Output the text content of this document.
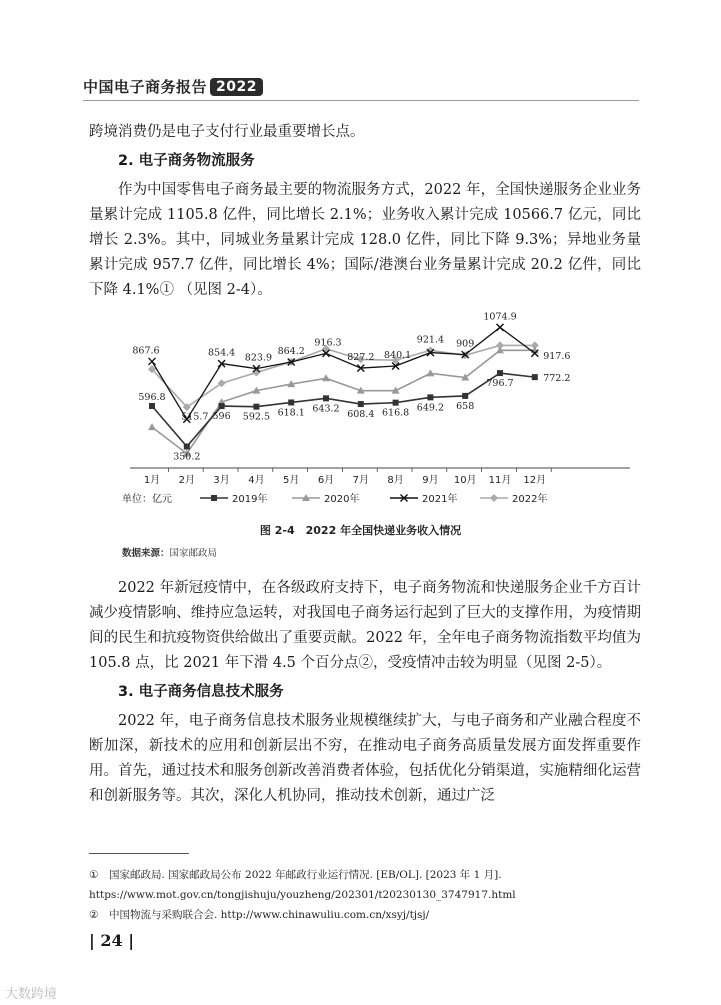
中国电子商务报告 2022

跨境消费仍是电子支付行业最重要增长点。

2. 电子商务物流服务

作为中国零售电子商务最主要的物流服务方式，2022 年，全国快递服务企业业务量累计完成 1105.8 亿件，同比增长 2.1%；业务收入累计完成 10566.7 亿元，同比增长 2.3%。其中，同城业务量累计完成 128.0 亿件，同比下降 9.3%；异地业务量累计完成 957.7 亿件，同比增长 4%；国际/港澳台业务量累计完成 20.2 亿件，同比下降 4.1%① （见图 2-4）。

1月 2月 3月 4月 5月 6月 7月 8月 9月 10月 11月 12月
596.8
350.2
596 592.5 618.1 643.2
608.4 616.8 649.2 658
796.7	772.2
867.6
515.7
854.4 823.9
864.2
916.3
827.2 840.1
921.4 909
1074.9
917.6
单位：亿元	2019年	2020年	2021年	2022年
图 2-4　2022 年全国快递业务收入情况
数据来源：国家邮政局

2022 年新冠疫情中，在各级政府支持下，电子商务物流和快递服务企业千方百计减少疫情影响、维持应急运转，对我国电子商务运行起到了巨大的支撑作用，为疫情期间的民生和抗疫物资供给做出了重要贡献。2022 年，全年电子商务物流指数平均值为 105.8 点，比 2021 年下滑 4.5 个百分点②，受疫情冲击较为明显（见图 2-5）。

3. 电子商务信息技术服务

2022 年，电子商务信息技术服务业规模继续扩大，与电子商务和产业融合程度不断加深，新技术的应用和创新层出不穷，在推动电子商务高质量发展方面发挥重要作用。首先，通过技术和服务创新改善消费者体验，包括优化分销渠道，实施精细化运营和创新服务等。其次，深化人机协同，推动技术创新，通过广泛

①	国家邮政局. 国家邮政局公布 2022 年邮政行业运行情况. [EB/OL]. [2023 年 1 月].
https://www.mot.gov.cn/tongjishuju/youzheng/202301/t20230130_3747917.html
②	中国物流与采购联合会. http://www.chinawuliu.com.cn/xsyj/tjsj/
| 24 |
大数跨境
